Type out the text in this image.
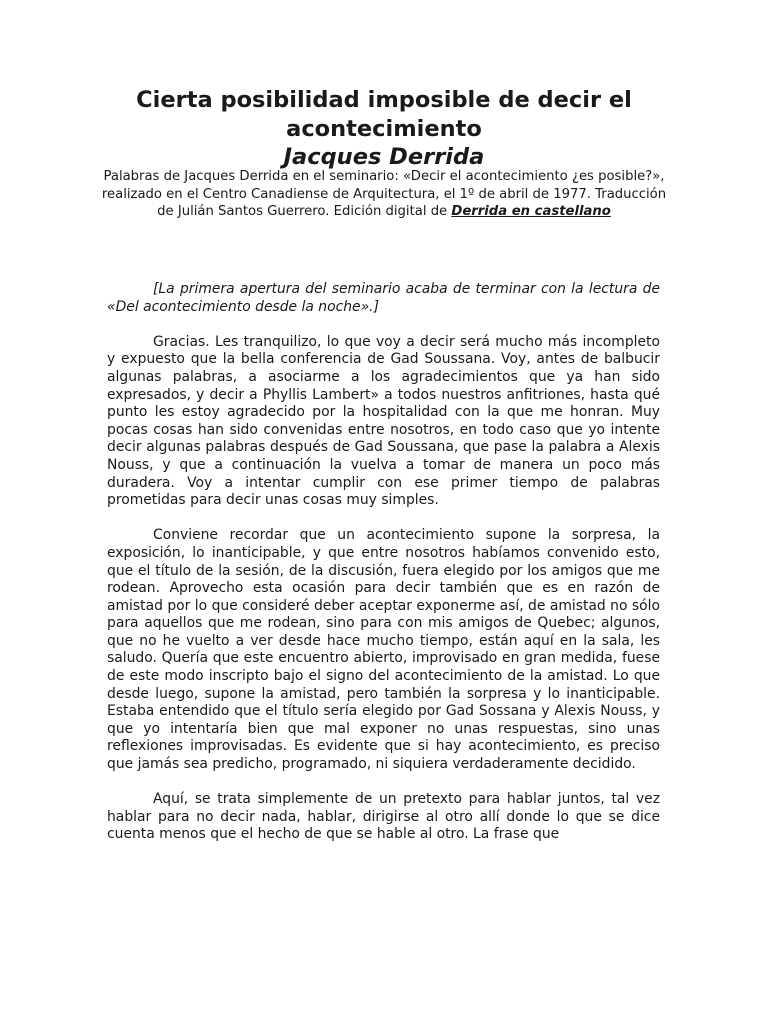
Cierta posibilidad imposible de decir el acontecimiento
Jacques Derrida
Palabras de Jacques Derrida en el seminario: «Decir el acontecimiento ¿es posible?», realizado en el Centro Canadiense de Arquitectura, el 1º de abril de 1977. Traducción de Julián Santos Guerrero. Edición digital de Derrida en castellano

[La primera apertura del seminario acaba de terminar con la lectura de «Del acontecimiento desde la noche».]

Gracias. Les tranquilizo, lo que voy a decir será mucho más incompleto y expuesto que la bella conferencia de Gad Soussana. Voy, antes de balbucir algunas palabras, a asociarme a los agradecimientos que ya han sido expresados, y decir a Phyllis Lambert» a todos nuestros anfitriones, hasta qué punto les estoy agradecido por la hospitalidad con la que me honran. Muy pocas cosas han sido convenidas entre nosotros, en todo caso que yo intente decir algunas palabras después de Gad Soussana, que pase la palabra a Alexis Nouss, y que a continuación la vuelva a tomar de manera un poco más duradera. Voy a intentar cumplir con ese primer tiempo de palabras prometidas para decir unas cosas muy simples.

Conviene recordar que un acontecimiento supone la sorpresa, la exposición, lo inanticipable, y que entre nosotros habíamos convenido esto, que el título de la sesión, de la discusión, fuera elegido por los amigos que me rodean. Aprovecho esta ocasión para decir también que es en razón de amistad por lo que consideré deber aceptar exponerme así, de amistad no sólo para aquellos que me rodean, sino para con mis amigos de Quebec; algunos, que no he vuelto a ver desde hace mucho tiempo, están aquí en la sala, les saludo. Quería que este encuentro abierto, improvisado en gran medida, fuese de este modo inscripto bajo el signo del acontecimiento de la amistad. Lo que desde luego, supone la amistad, pero también la sorpresa y lo inanticipable. Estaba entendido que el título sería elegido por Gad Sossana y Alexis Nouss, y que yo intentaría bien que mal exponer no unas respuestas, sino unas reflexiones improvisadas. Es evidente que si hay acontecimiento, es preciso que jamás sea predicho, programado, ni siquiera verdaderamente decidido.

Aquí, se trata simplemente de un pretexto para hablar juntos, tal vez hablar para no decir nada, hablar, dirigirse al otro allí donde lo que se dice cuenta menos que el hecho de que se hable al otro. La frase que
